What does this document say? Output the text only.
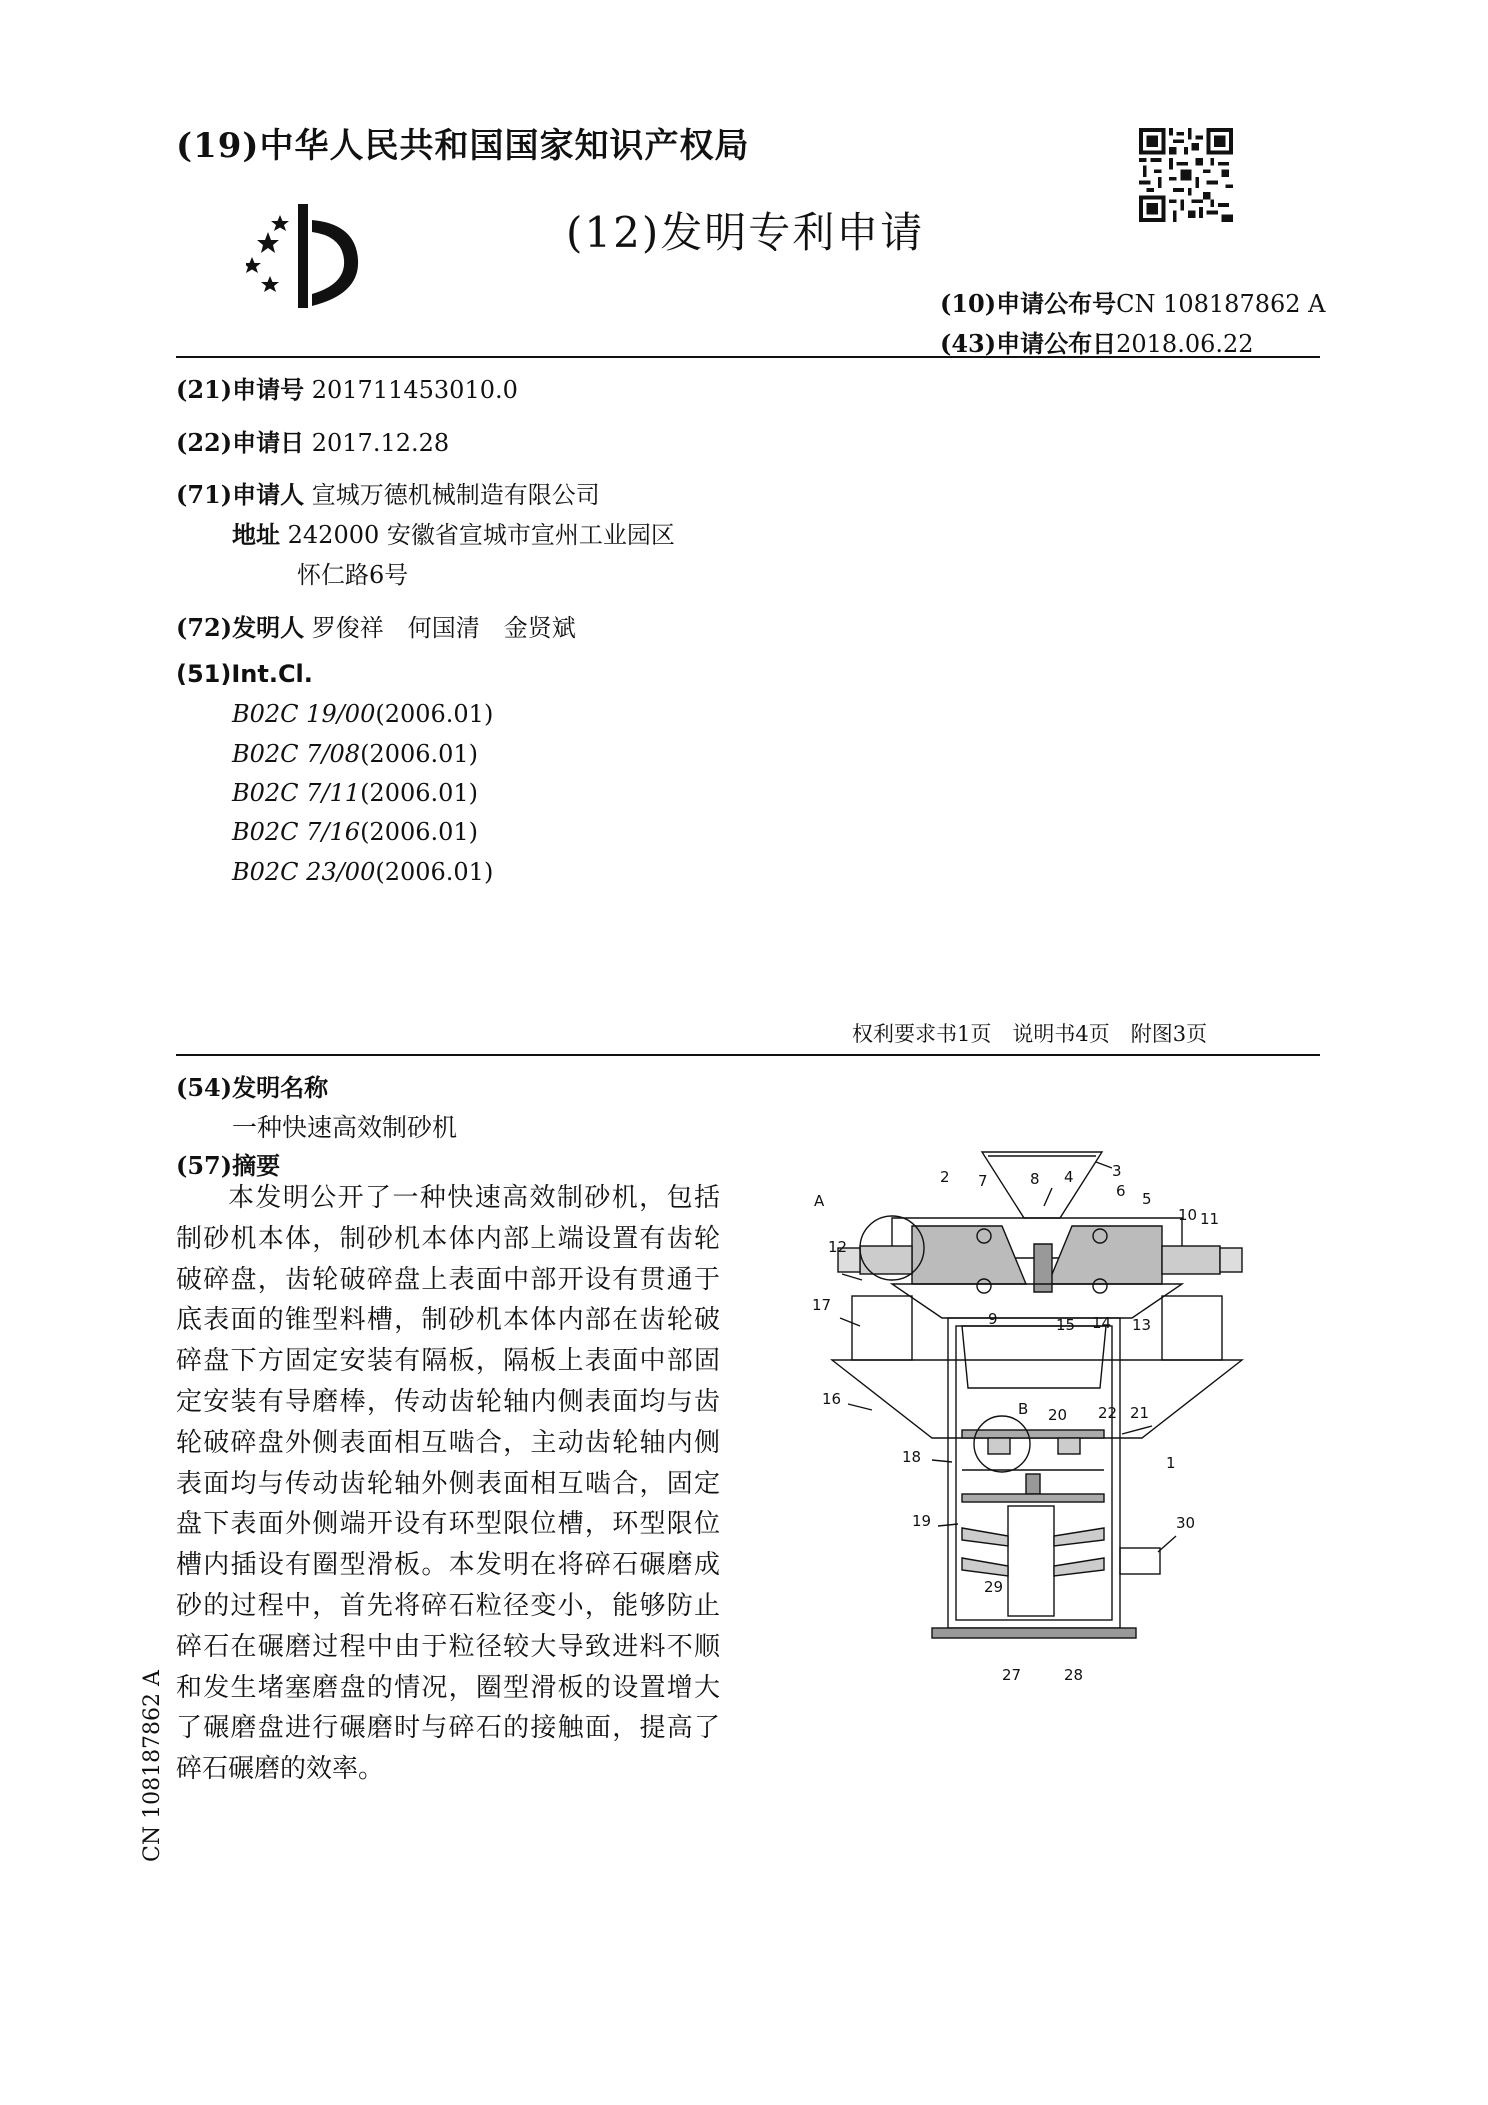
(19)中华人民共和国国家知识产权局
(12)发明专利申请
(10)申请公布号CN 108187862 A
(43)申请公布日2018.06.22
(21)申请号 201711453010.0
(22)申请日 2017.12.28
(71)申请人 宣城万德机械制造有限公司
地址 242000 安徽省宣城市宣州工业园区
怀仁路6号
(72)发明人 罗俊祥　何国清　金贤斌
(51)Int.Cl.
B02C 19/00(2006.01)
B02C 7/08(2006.01)
B02C 7/11(2006.01)
B02C 7/16(2006.01)
B02C 23/00(2006.01)
权利要求书1页　说明书4页　附图3页
(54)发明名称
一种快速高效制砂机
(57)摘要
本发明公开了一种快速高效制砂机，包括制砂机本体，制砂机本体内部上端设置有齿轮破碎盘，齿轮破碎盘上表面中部开设有贯通于底表面的锥型料槽，制砂机本体内部在齿轮破碎盘下方固定安装有隔板，隔板上表面中部固定安装有导磨棒，传动齿轮轴内侧表面均与齿轮破碎盘外侧表面相互啮合，主动齿轮轴内侧表面均与传动齿轮轴外侧表面相互啮合，固定盘下表面外侧端开设有环型限位槽，环型限位槽内插设有圈型滑板。本发明在将碎石碾磨成砂的过程中，首先将碎石粒径变小，能够防止碎石在碾磨过程中由于粒径较大导致进料不顺和发生堵塞磨盘的情况，圈型滑板的设置增大了碾磨盘进行碾磨时与碎石的接触面，提高了碎石碾磨的效率。
CN 108187862 A
A
2 7	8 4	3
6 5
10 11
12
17
9	15 14 13
16
B 20 22 21
1
18
19	30
29
27	28
